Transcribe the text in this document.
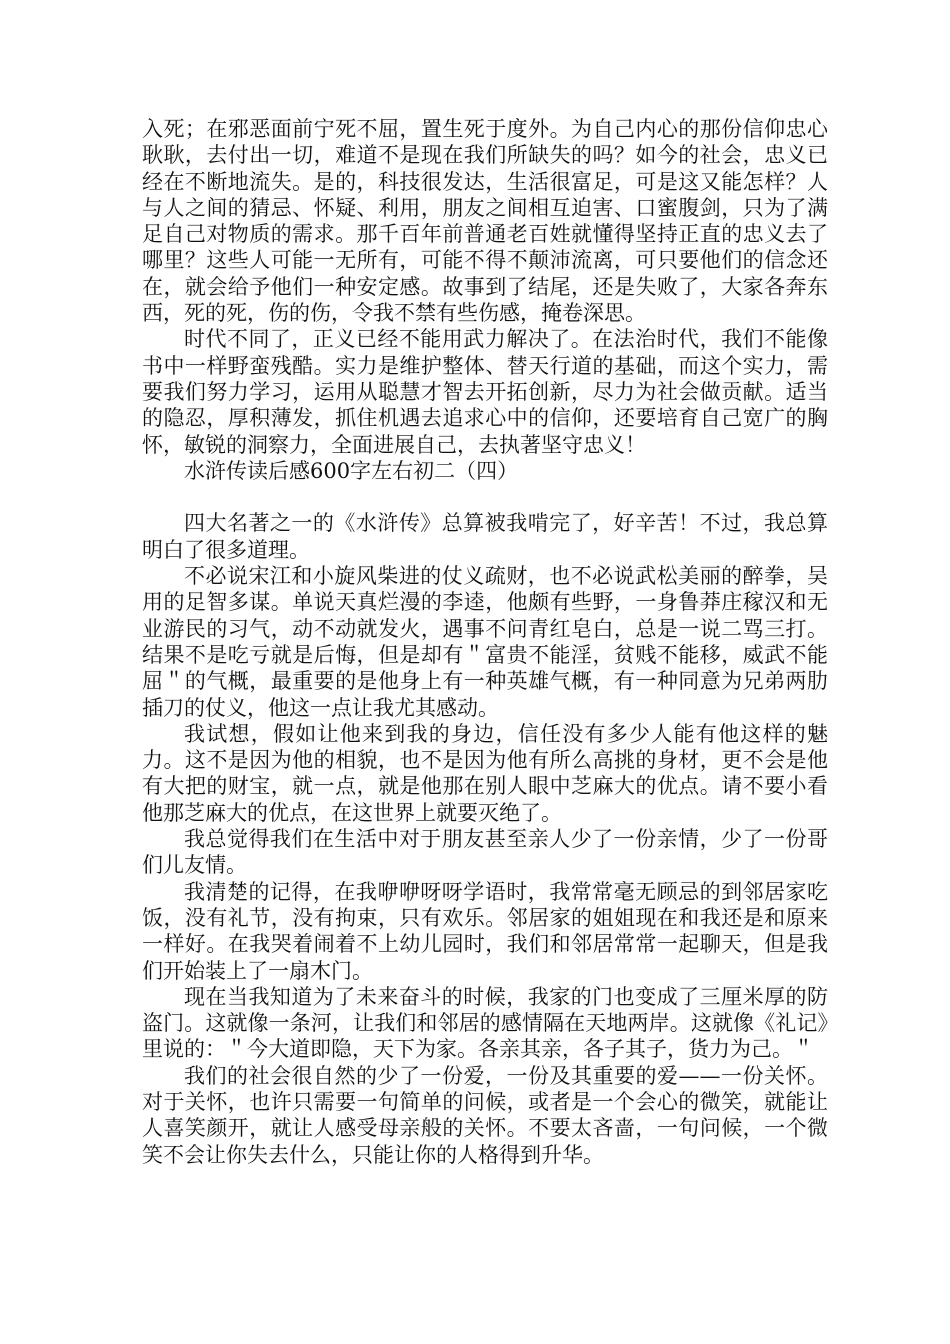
入死；在邪恶面前宁死不屈，置生死于度外。为自己内心的那份信仰忠心耿耿，去付出一切，难道不是现在我们所缺失的吗？如今的社会，忠义已经在不断地流失。是的，科技很发达，生活很富足，可是这又能怎样？人与人之间的猜忌、怀疑、利用，朋友之间相互迫害、口蜜腹剑，只为了满足自己对物质的需求。那千百年前普通老百姓就懂得坚持正直的忠义去了哪里？这些人可能一无所有，可能不得不颠沛流离，可只要他们的信念还在，就会给予他们一种安定感。故事到了结尾，还是失败了，大家各奔东西，死的死，伤的伤，令我不禁有些伤感，掩卷深思。

时代不同了，正义已经不能用武力解决了。在法治时代，我们不能像书中一样野蛮残酷。实力是维护整体、替天行道的基础，而这个实力，需要我们努力学习，运用从聪慧才智去开拓创新，尽力为社会做贡献。适当的隐忍，厚积薄发，抓住机遇去追求心中的信仰，还要培育自己宽广的胸怀，敏锐的洞察力，全面进展自己，去执著坚守忠义！

水浒传读后感600字左右初二（四）

四大名著之一的《水浒传》总算被我啃完了，好辛苦！不过，我总算明白了很多道理。

不必说宋江和小旋风柴进的仗义疏财，也不必说武松美丽的醉拳，吴用的足智多谋。单说天真烂漫的李逵，他颇有些野，一身鲁莽庄稼汉和无业游民的习气，动不动就发火，遇事不问青红皂白，总是一说二骂三打。结果不是吃亏就是后悔，但是却有＂富贵不能淫，贫贱不能移，威武不能屈＂的气概，最重要的是他身上有一种英雄气概，有一种同意为兄弟两肋插刀的仗义，他这一点让我尤其感动。

我试想，假如让他来到我的身边，信任没有多少人能有他这样的魅力。这不是因为他的相貌，也不是因为他有所么高挑的身材，更不会是他有大把的财宝，就一点，就是他那在别人眼中芝麻大的优点。请不要小看他那芝麻大的优点，在这世界上就要灭绝了。

我总觉得我们在生活中对于朋友甚至亲人少了一份亲情，少了一份哥们儿友情。

我清楚的记得，在我咿咿呀呀学语时，我常常毫无顾忌的到邻居家吃饭，没有礼节，没有拘束，只有欢乐。邻居家的姐姐现在和我还是和原来一样好。在我哭着闹着不上幼儿园时，我们和邻居常常一起聊天，但是我们开始装上了一扇木门。

现在当我知道为了未来奋斗的时候，我家的门也变成了三厘米厚的防盗门。这就像一条河，让我们和邻居的感情隔在天地两岸。这就像《礼记》里说的：＂今大道即隐，天下为家。各亲其亲，各子其子，货力为己。＂

我们的社会很自然的少了一份爱，一份及其重要的爱——一份关怀。对于关怀，也许只需要一句简单的问候，或者是一个会心的微笑，就能让人喜笑颜开，就让人感受母亲般的关怀。不要太吝啬，一句问候，一个微笑不会让你失去什么，只能让你的人格得到升华。
